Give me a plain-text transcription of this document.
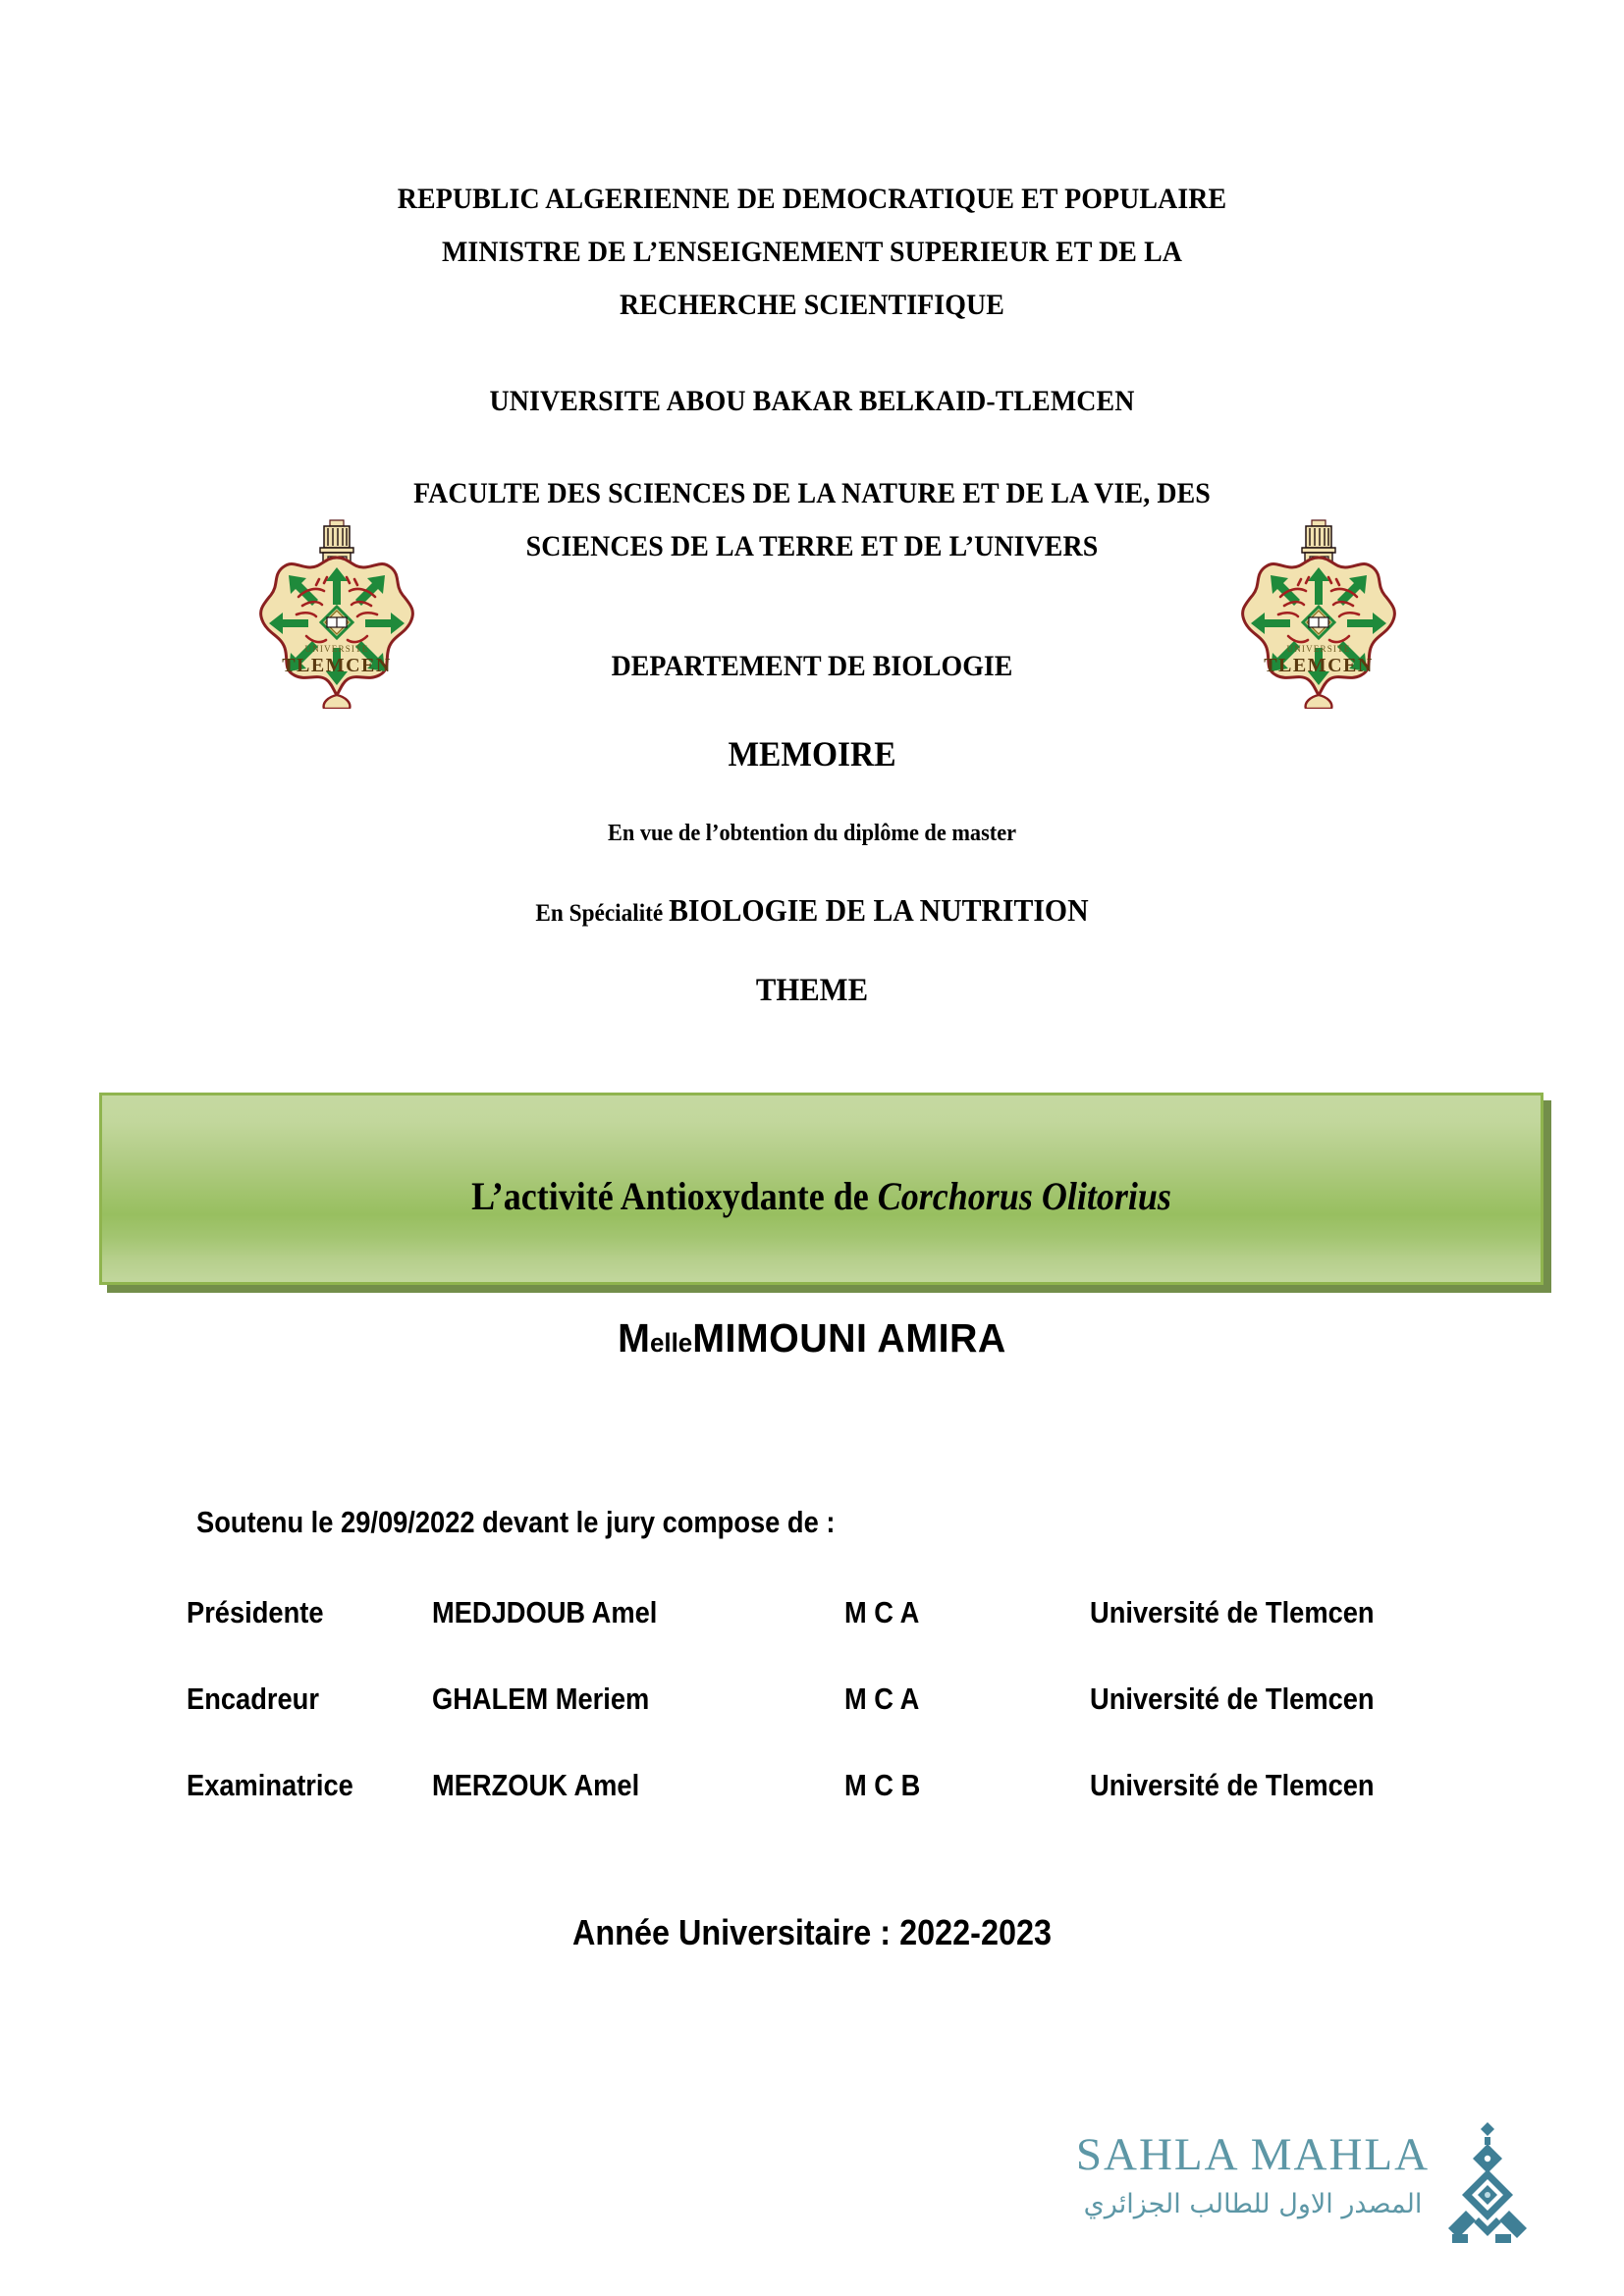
REPUBLIC ALGERIENNE DE DEMOCRATIQUE ET POPULAIRE
MINISTRE DE L’ENSEIGNEMENT SUPERIEUR ET DE LA
RECHERCHE SCIENTIFIQUE
UNIVERSITE ABOU BAKAR BELKAID-TLEMCEN
FACULTE DES SCIENCES DE LA NATURE ET DE LA VIE, DES
SCIENCES DE LA TERRE ET DE L’UNIVERS
UNIVERSITE
TLEMCEN
UNIVERSITE
TLEMCEN
DEPARTEMENT DE BIOLOGIE
MEMOIRE
En vue de l’obtention du diplôme de master
En Spécialité BIOLOGIE DE LA NUTRITION
THEME
L’activité Antioxydante de Corchorus Olitorius
MelleMIMOUNI AMIRA
Soutenu le 29/09/2022 devant le jury compose de :
Présidente	MEDJDOUB Amel	M C A	Université de Tlemcen
Encadreur	GHALEM Meriem	M C A	Université de Tlemcen
Examinatrice	MERZOUK Amel	M C B	Université de Tlemcen
Année Universitaire : 2022-2023
SAHLA MAHLA
المصدر الاول للطالب الجزائري
